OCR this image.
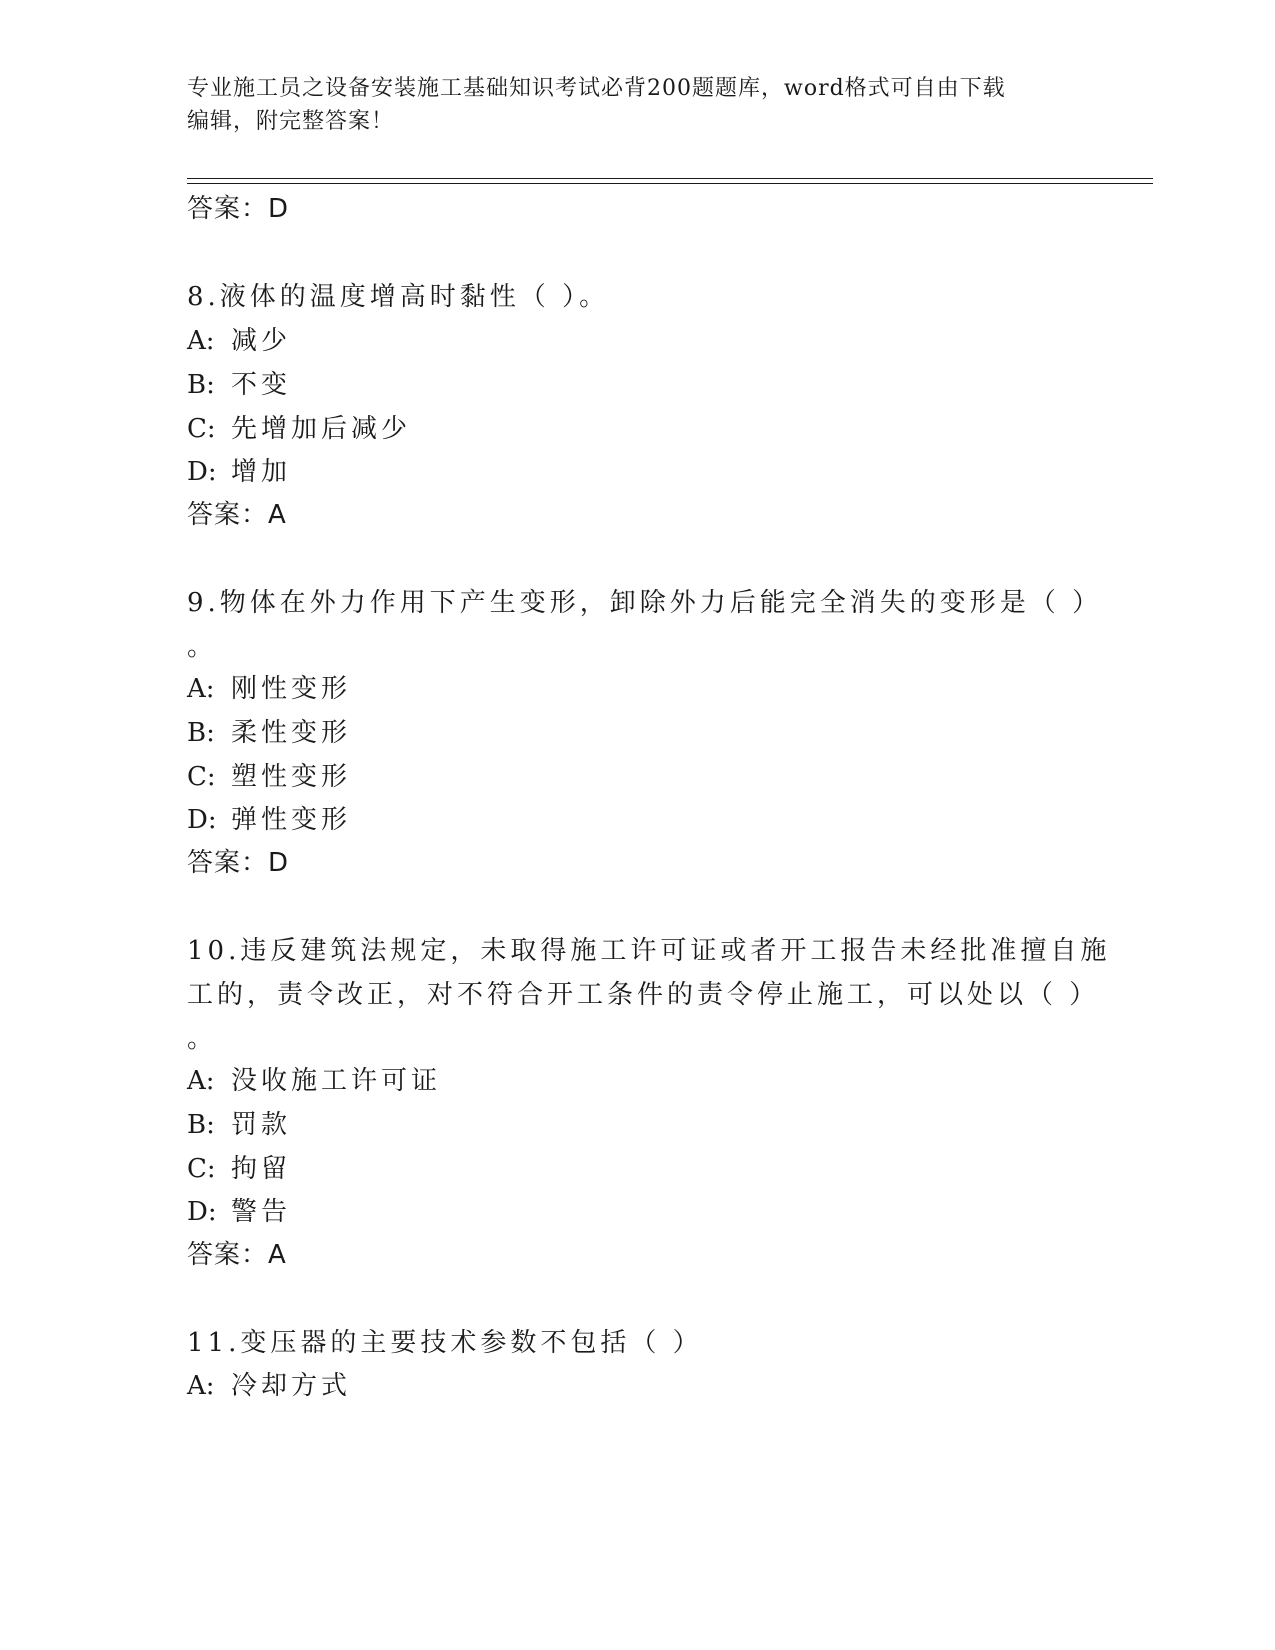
专业施工员之设备安装施工基础知识考试必背200题题库，word格式可自由下载
编辑，附完整答案！
答案：D
8.液体的温度增高时黏性（ ）。
A: 减少
B: 不变
C: 先增加后减少
D: 增加
答案：A
9.物体在外力作用下产生变形，卸除外力后能完全消失的变形是（ ）
。
A: 刚性变形
B: 柔性变形
C: 塑性变形
D: 弹性变形
答案：D
10.违反建筑法规定，未取得施工许可证或者开工报告未经批准擅自施
工的，责令改正，对不符合开工条件的责令停止施工，可以处以（ ）
。
A: 没收施工许可证
B: 罚款
C: 拘留
D: 警告
答案：A
11.变压器的主要技术参数不包括（ ）
A: 冷却方式
